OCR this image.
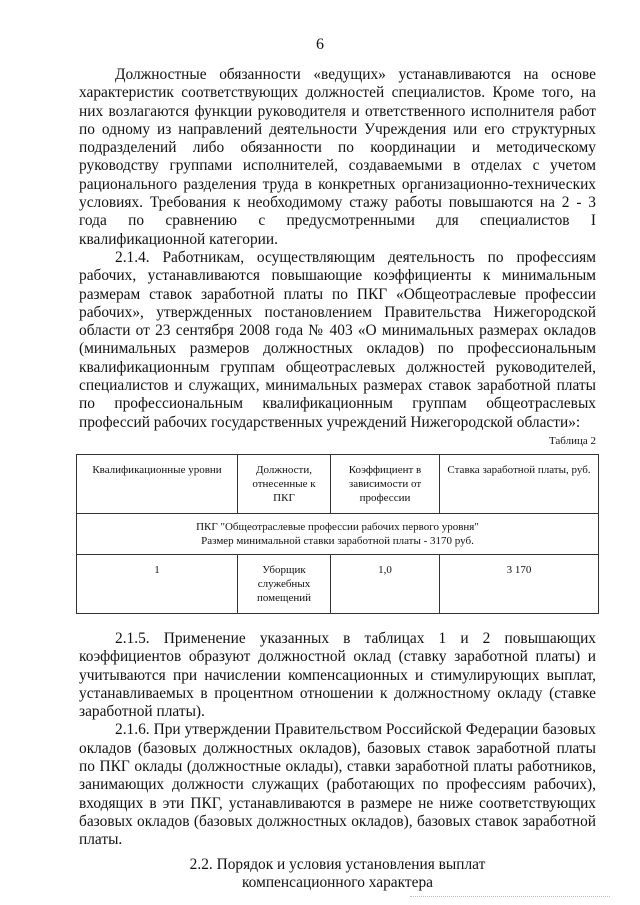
6

Должностные обязанности «ведущих» устанавливаются на основе характеристик соответствующих должностей специалистов. Кроме того, на них возлагаются функции руководителя и ответственного исполнителя работ по одному из направлений деятельности Учреждения или его структурных подразделений либо обязанности по координации и методическому руководству группами исполнителей, создаваемыми в отделах с учетом рационального разделения труда в конкретных организационно-технических условиях. Требования к необходимому стажу работы повышаются на 2 - 3 года по сравнению с предусмотренными для специалистов I квалификационной категории.

2.1.4. Работникам, осуществляющим деятельность по профессиям рабочих, устанавливаются повышающие коэффициенты к минимальным размерам ставок заработной платы по ПКГ «Общеотраслевые профессии рабочих», утвержденных постановлением Правительства Нижегородской области от 23 сентября 2008 года № 403 «О минимальных размерах окладов (минимальных размеров должностных окладов) по профессиональным квалификационным группам общеотраслевых должностей руководителей, специалистов и служащих, минимальных размерах ставок заработной платы по профессиональным квалификационным группам общеотраслевых профессий рабочих государственных учреждений Нижегородской области»:

Таблица 2
Квалификационные уровни	Должности, отнесенные к ПКГ	Коэффициент в зависимости от профессии	Ставка заработной платы, руб.

ПКГ "Общеотраслевые профессии рабочих первого уровня"
Размер минимальной ставки заработной платы - 3170 руб.			

1	Уборщик служебных помещений	1,0	3 170

2.1.5. Применение указанных в таблицах 1 и 2 повышающих коэффициентов образуют должностной оклад (ставку заработной платы) и учитываются при начислении компенсационных и стимулирующих выплат, устанавливаемых в процентном отношении к должностному окладу (ставке заработной платы).

2.1.6. При утверждении Правительством Российской Федерации базовых окладов (базовых должностных окладов), базовых ставок заработной платы по ПКГ оклады (должностные оклады), ставки заработной платы работников, занимающих должности служащих (работающих по профессиям рабочих), входящих в эти ПКГ, устанавливаются в размере не ниже соответствующих базовых окладов (базовых должностных окладов), базовых ставок заработной платы.

2.2. Порядок и условия установления выплат
компенсационного характера
